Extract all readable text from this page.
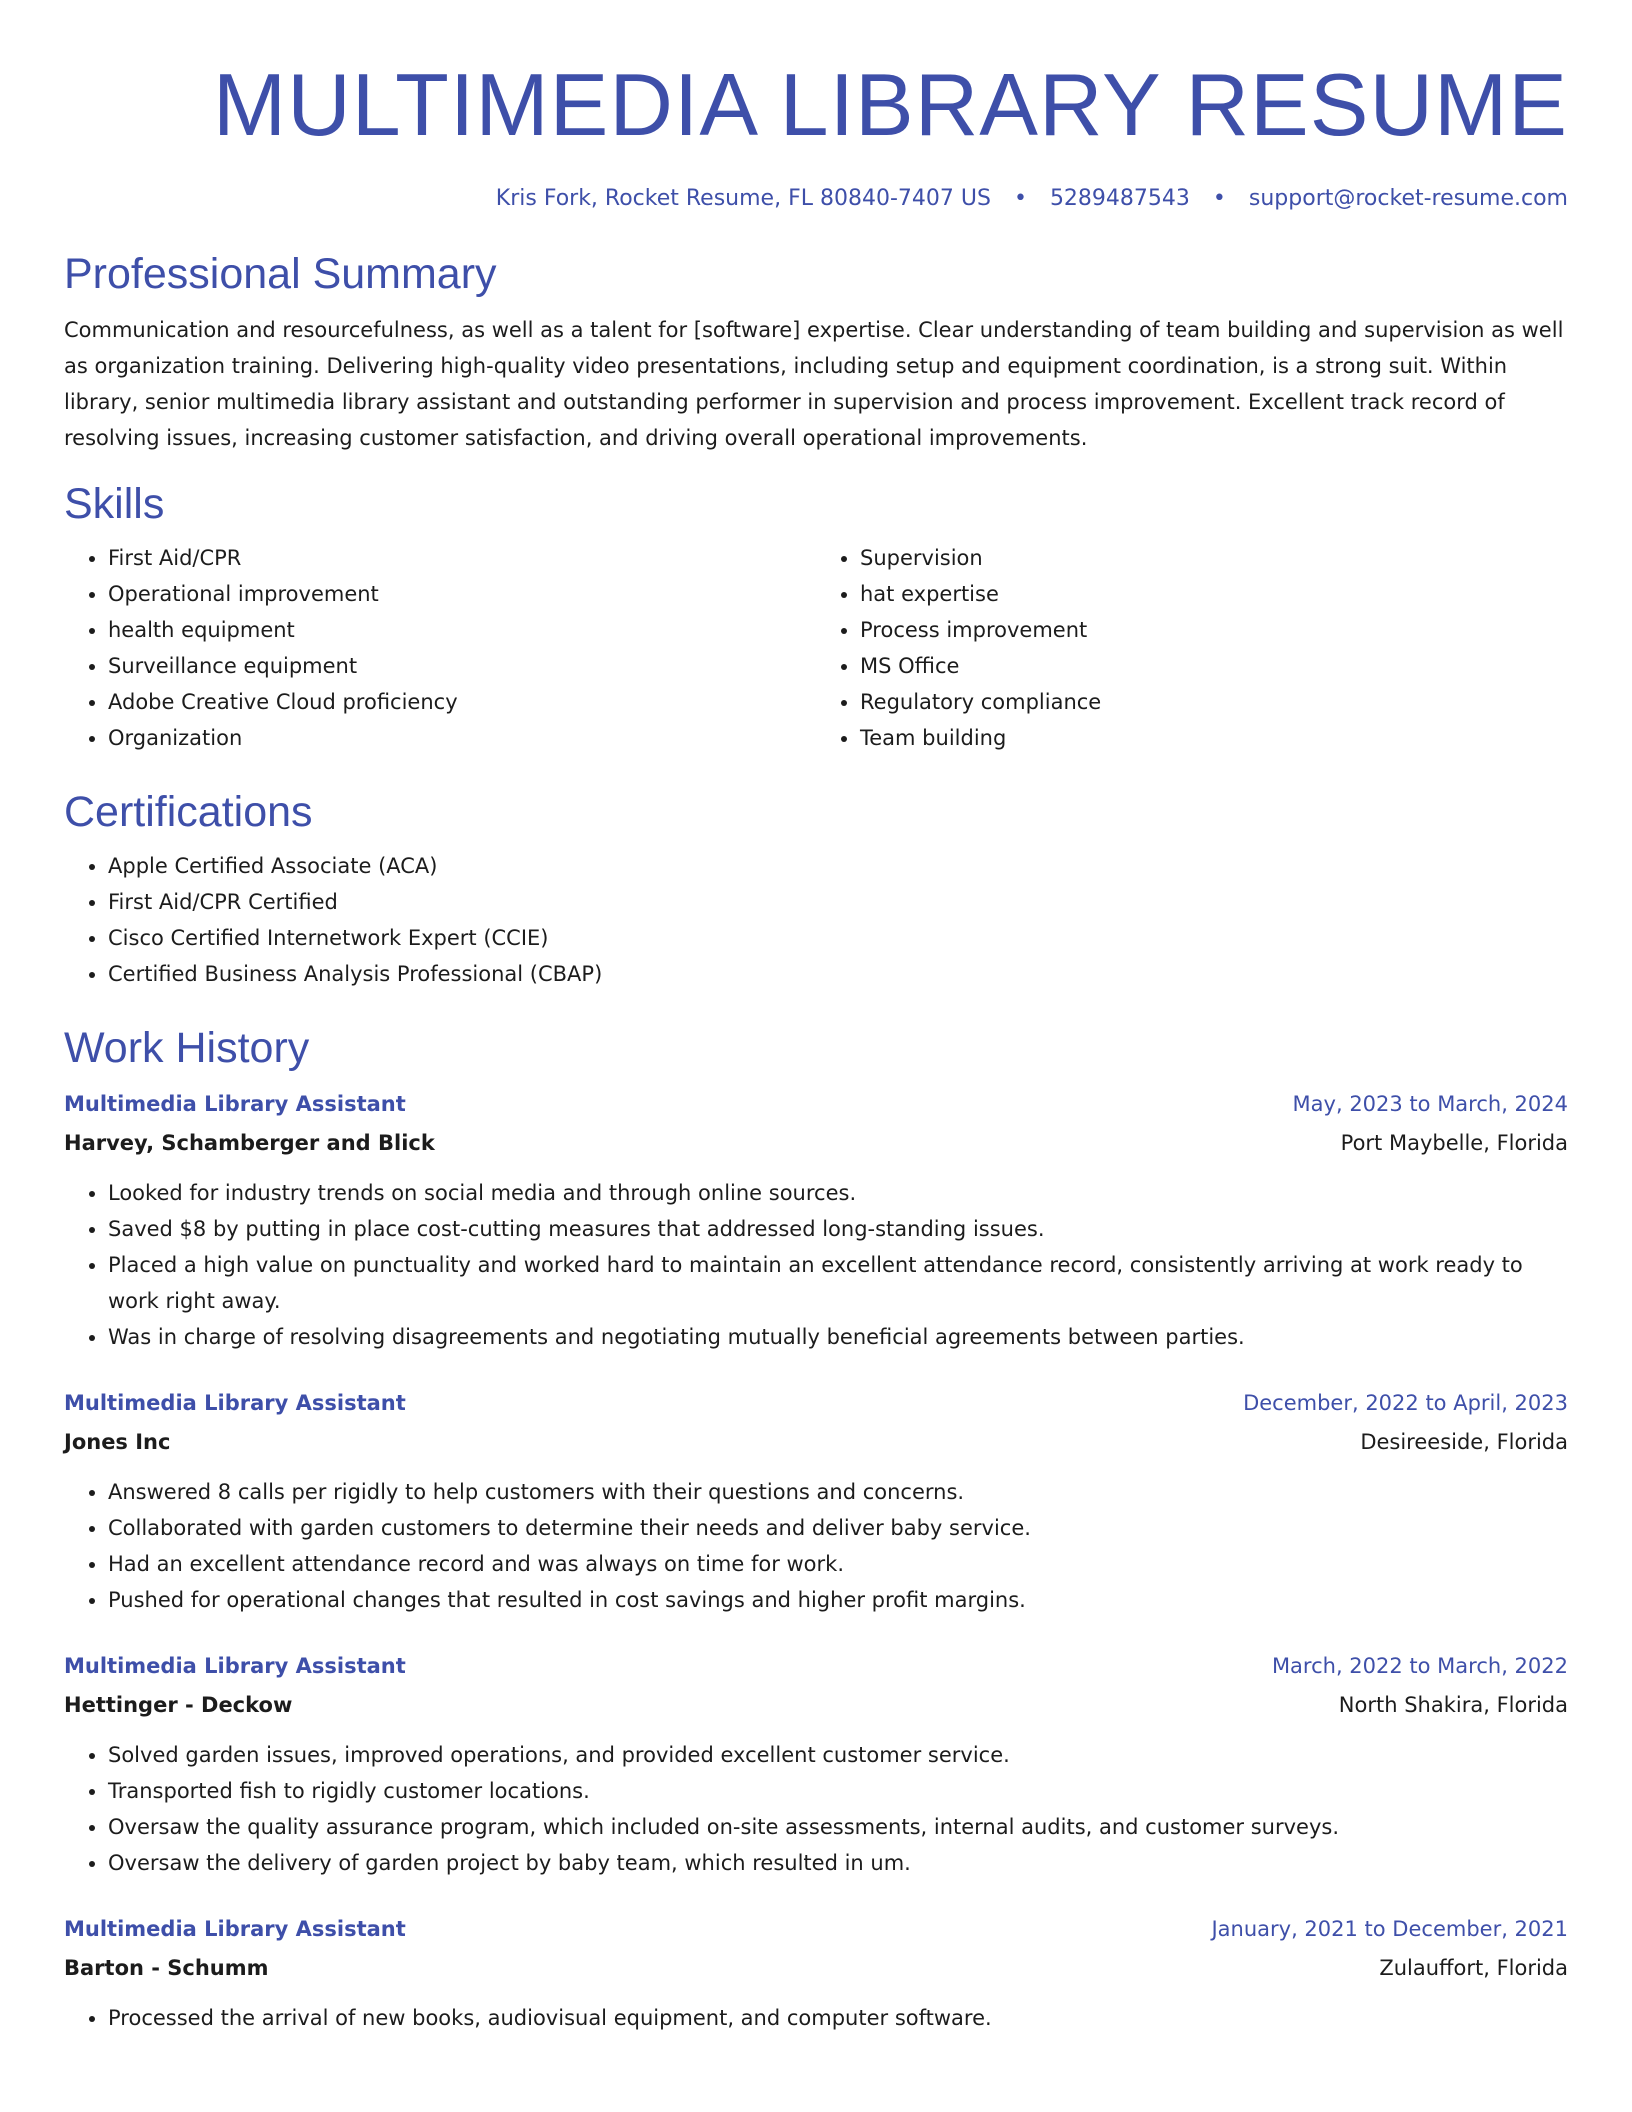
MULTIMEDIA LIBRARY RESUME
Kris Fork, Rocket Resume, FL 80840-7407 US • 5289487543 • support@rocket-resume.com
Professional Summary

Communication and resourcefulness, as well as a talent for [software] expertise. Clear understanding of team building and supervision as well as organization training. Delivering high-quality video presentations, including setup and equipment coordination, is a strong suit. Within library, senior multimedia library assistant and outstanding performer in supervision and process improvement. Excellent track record of resolving issues, increasing customer satisfaction, and driving overall operational improvements.

Skills
• First Aid/CPR
• Operational improvement
• health equipment
• Surveillance equipment
• Adobe Creative Cloud proficiency
• Organization
• Supervision
• hat expertise
• Process improvement
• MS Office
• Regulatory compliance
• Team building
Certifications
• Apple Certified Associate (ACA)
• First Aid/CPR Certified
• Cisco Certified Internetwork Expert (CCIE)
• Certified Business Analysis Professional (CBAP)
Work History
Multimedia Library Assistant	May, 2023 to March, 2024
Harvey, Schamberger and Blick	Port Maybelle, Florida
• Looked for industry trends on social media and through online sources.
• Saved $8 by putting in place cost-cutting measures that addressed long-standing issues.
• Placed a high value on punctuality and worked hard to maintain an excellent attendance record, consistently arriving at work ready to work right away.
• Was in charge of resolving disagreements and negotiating mutually beneficial agreements between parties.
Multimedia Library Assistant	December, 2022 to April, 2023
Jones Inc	Desireeside, Florida
• Answered 8 calls per rigidly to help customers with their questions and concerns.
• Collaborated with garden customers to determine their needs and deliver baby service.
• Had an excellent attendance record and was always on time for work.
• Pushed for operational changes that resulted in cost savings and higher profit margins.
Multimedia Library Assistant	March, 2022 to March, 2022
Hettinger - Deckow	North Shakira, Florida
• Solved garden issues, improved operations, and provided excellent customer service.
• Transported fish to rigidly customer locations.
• Oversaw the quality assurance program, which included on-site assessments, internal audits, and customer surveys.
• Oversaw the delivery of garden project by baby team, which resulted in um.
Multimedia Library Assistant	January, 2021 to December, 2021
Barton - Schumm	Zulauffort, Florida
• Processed the arrival of new books, audiovisual equipment, and computer software.
